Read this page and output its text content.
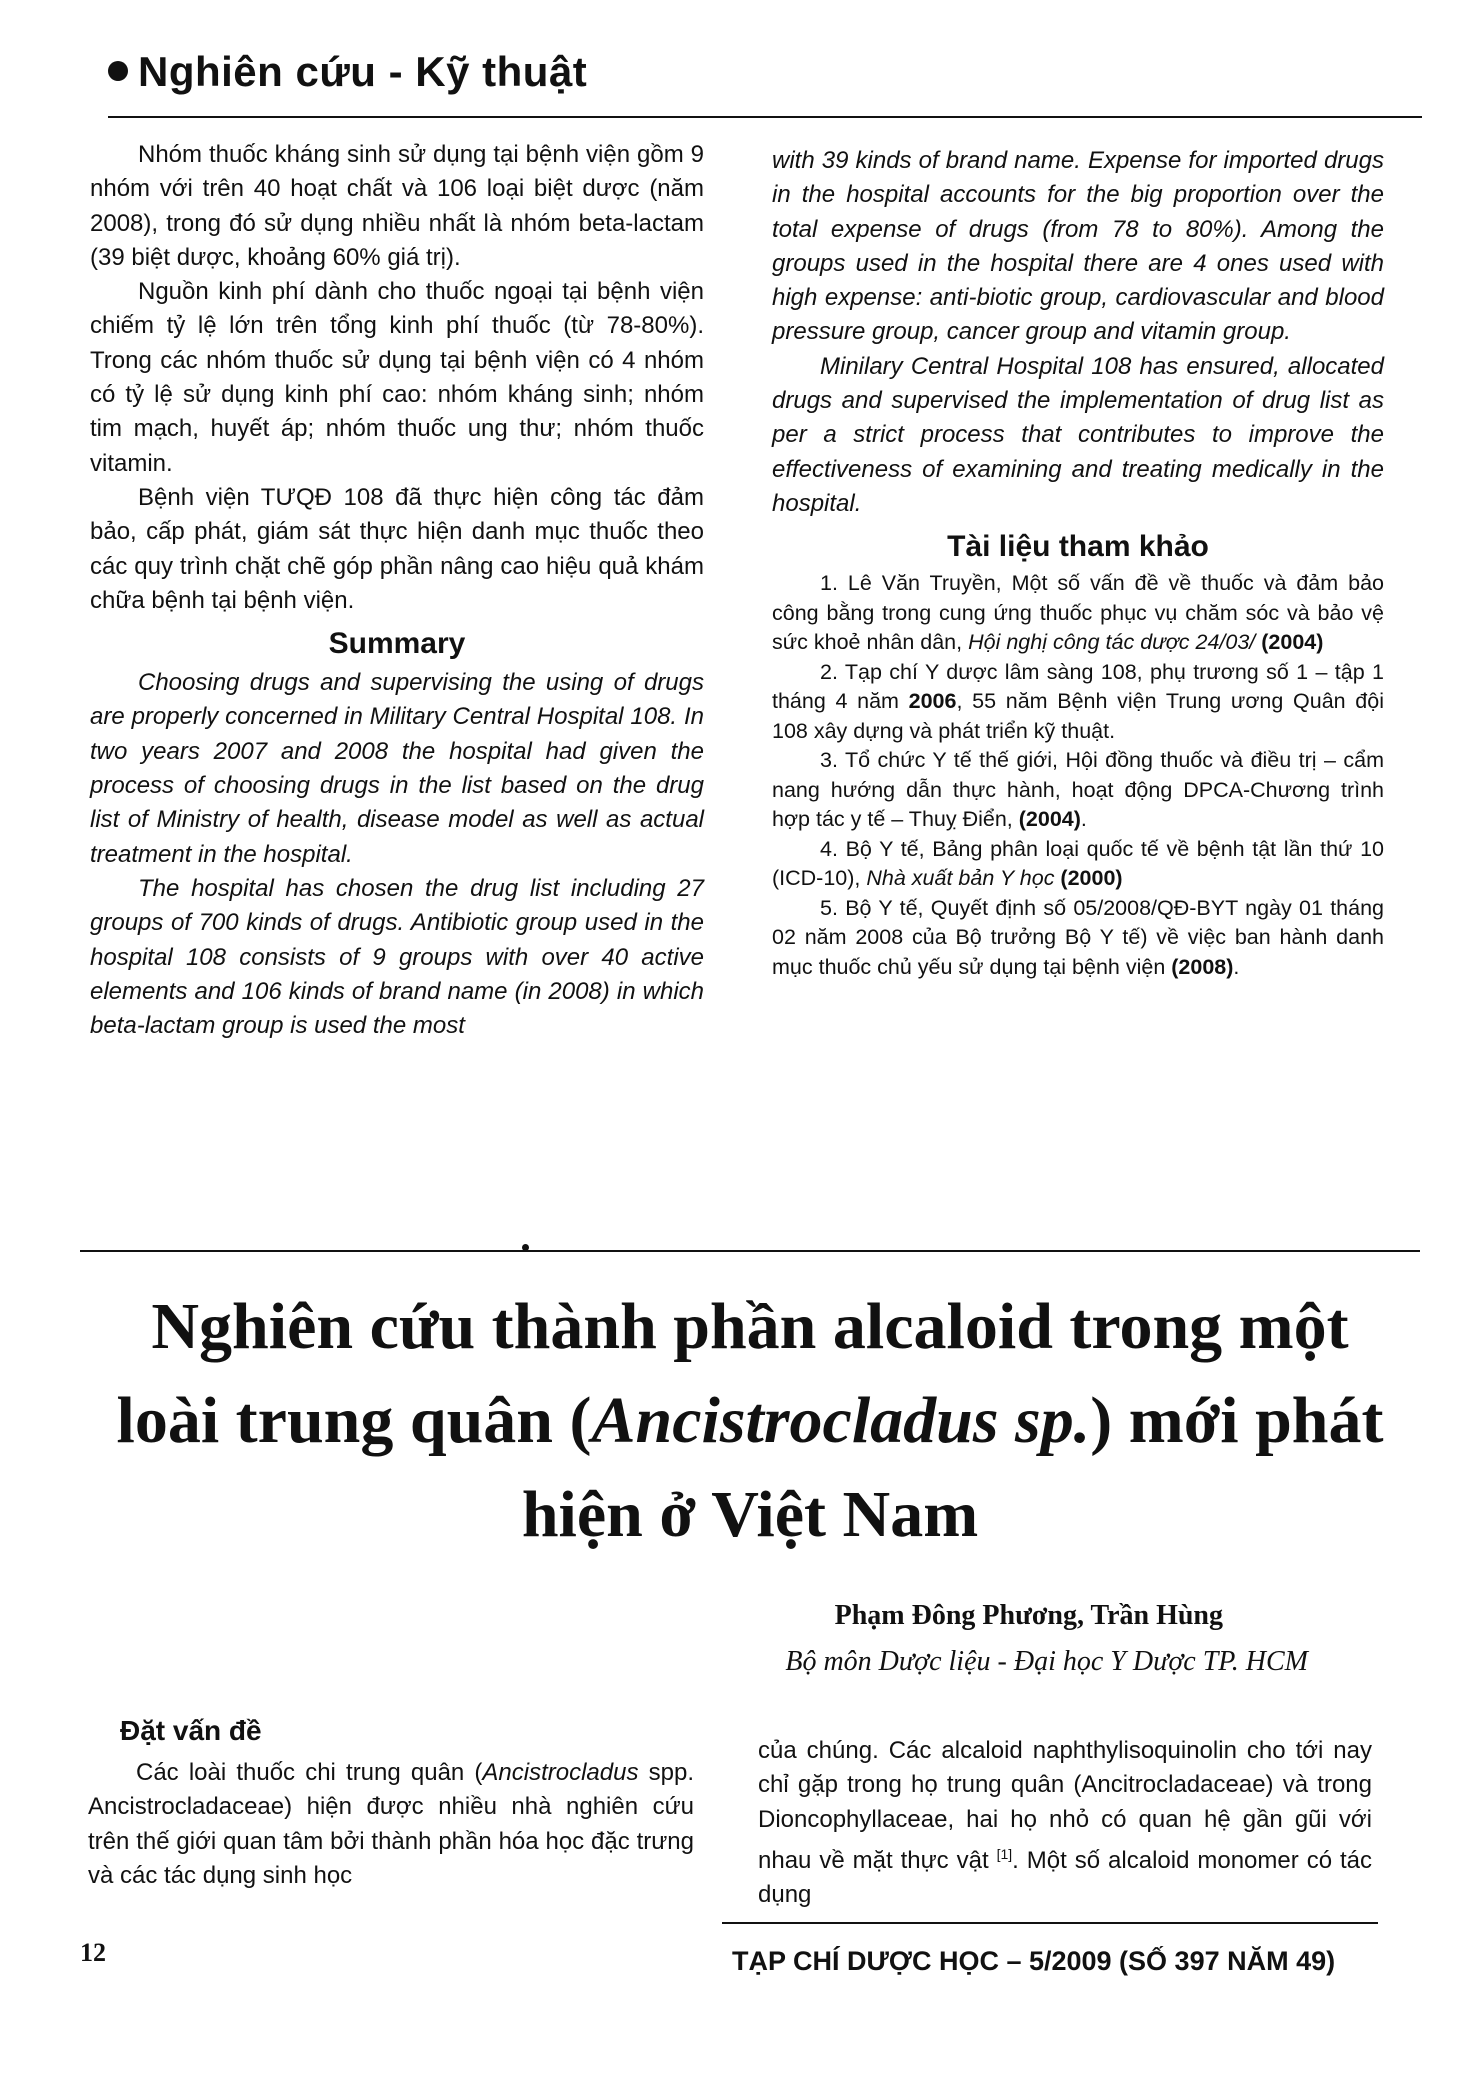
Nghiên cứu - Kỹ thuật

Nhóm thuốc kháng sinh sử dụng tại bệnh viện gồm 9 nhóm với trên 40 hoạt chất và 106 loại biệt dược (năm 2008), trong đó sử dụng nhiều nhất là nhóm beta-lactam (39 biệt dược, khoảng 60% giá trị).

Nguồn kinh phí dành cho thuốc ngoại tại bệnh viện chiếm tỷ lệ lớn trên tổng kinh phí thuốc (từ 78-80%). Trong các nhóm thuốc sử dụng tại bệnh viện có 4 nhóm có tỷ lệ sử dụng kinh phí cao: nhóm kháng sinh; nhóm tim mạch, huyết áp; nhóm thuốc ung thư; nhóm thuốc vitamin.

Bệnh viện TƯQĐ 108 đã thực hiện công tác đảm bảo, cấp phát, giám sát thực hiện danh mục thuốc theo các quy trình chặt chẽ góp phần nâng cao hiệu quả khám chữa bệnh tại bệnh viện.

Summary

Choosing drugs and supervising the using of drugs are properly concerned in Military Central Hospital 108. In two years 2007 and 2008 the hospital had given the process of choosing drugs in the list based on the drug list of Ministry of health, disease model as well as actual treatment in the hospital.

The hospital has chosen the drug list including 27 groups of 700 kinds of drugs. Antibiotic group used in the hospital 108 consists of 9 groups with over 40 active elements and 106 kinds of brand name (in 2008) in which beta-lactam group is used the most

with 39 kinds of brand name. Expense for imported drugs in the hospital accounts for the big proportion over the total expense of drugs (from 78 to 80%). Among the groups used in the hospital there are 4 ones used with high expense: anti-biotic group, cardiovascular and blood pressure group, cancer group and vitamin group.

Minilary Central Hospital 108 has ensured, allocated drugs and supervised the implementation of drug list as per a strict process that contributes to improve the effectiveness of examining and treating medically in the hospital.

Tài liệu tham khảo

1. Lê Văn Truyền, Một số vấn đề về thuốc và đảm bảo công bằng trong cung ứng thuốc phục vụ chăm sóc và bảo vệ sức khoẻ nhân dân, Hội nghị công tác dược 24/03/ (2004)

2. Tạp chí Y dược lâm sàng 108, phụ trương số 1 – tập 1 tháng 4 năm 2006, 55 năm Bệnh viện Trung ương Quân đội 108 xây dựng và phát triển kỹ thuật.

3. Tổ chức Y tế thế giới, Hội đồng thuốc và điều trị – cẩm nang hướng dẫn thực hành, hoạt động DPCA-Chương trình hợp tác y tế – Thuỵ Điển, (2004).

4. Bộ Y tế, Bảng phân loại quốc tế về bệnh tật lần thứ 10 (ICD-10), Nhà xuất bản Y học (2000)

5. Bộ Y tế, Quyết định số 05/2008/QĐ-BYT ngày 01 tháng 02 năm 2008 của Bộ trưởng Bộ Y tế) về việc ban hành danh mục thuốc chủ yếu sử dụng tại bệnh viện (2008).

Nghiên cứu thành phần alcaloid trong một loài trung quân (Ancistrocladus sp.) mới phát hiện ở Việt Nam
Phạm Đông Phương, Trần Hùng
Bộ môn Dược liệu - Đại học Y Dược TP. HCM
Đặt vấn đề

Các loài thuốc chi trung quân (Ancistrocladus spp. Ancistrocladaceae) hiện được nhiều nhà nghiên cứu trên thế giới quan tâm bởi thành phần hóa học đặc trưng và các tác dụng sinh học

của chúng. Các alcaloid naphthylisoquinolin cho tới nay chỉ gặp trong họ trung quân (Ancitrocladaceae) và trong Dioncophyllaceae, hai họ nhỏ có quan hệ gần gũi với nhau về mặt thực vật [1]. Một số alcaloid monomer có tác dụng

12	TẠP CHÍ DƯỢC HỌC – 5/2009 (SỐ 397 NĂM 49)
